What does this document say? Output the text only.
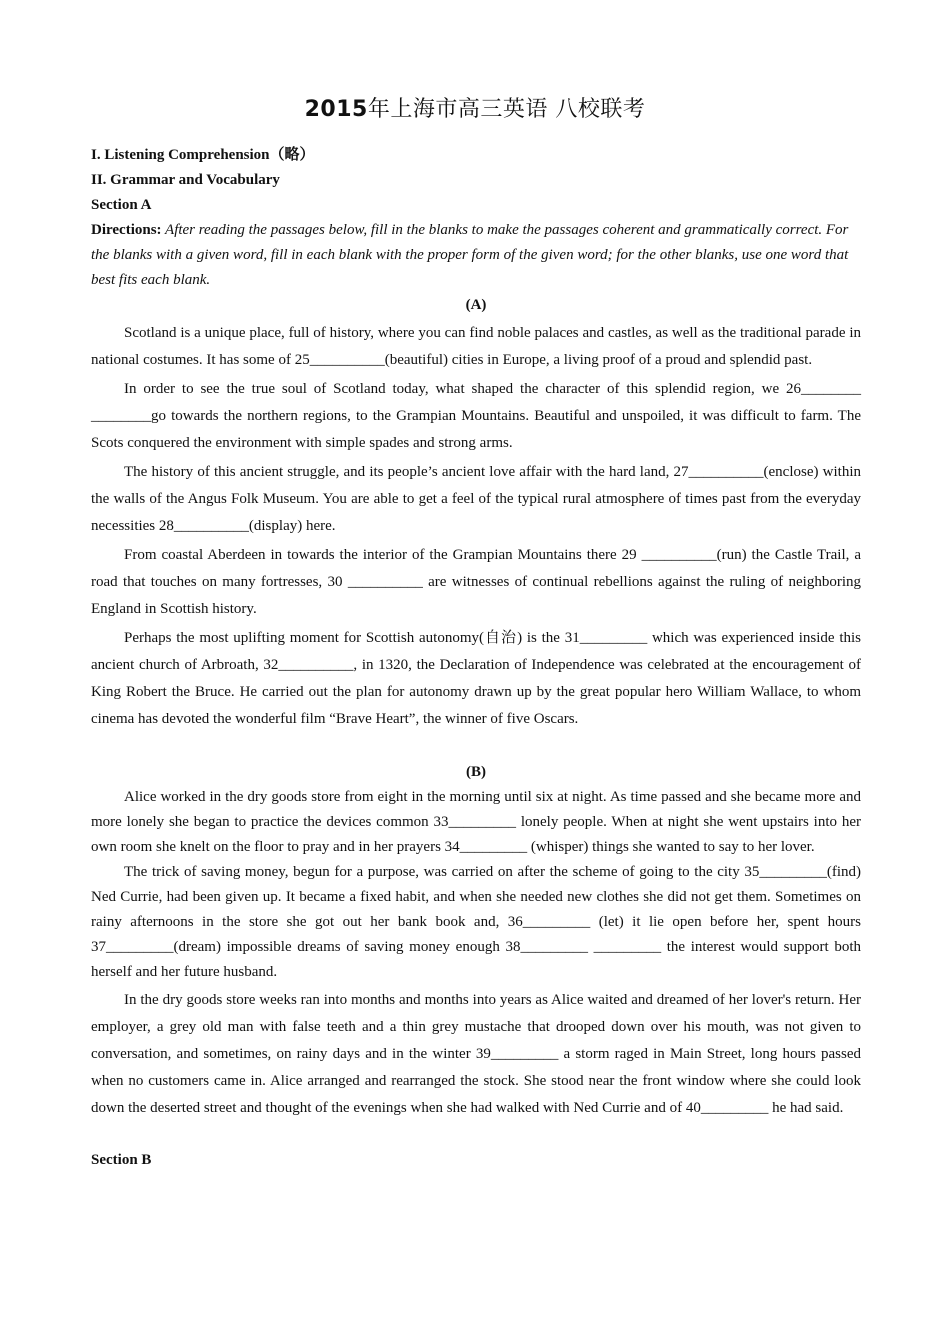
2015年上海市高三英语 八校联考
I. Listening Comprehension（略）
II. Grammar and Vocabulary
Section A
Directions: After reading the passages below, fill in the blanks to make the passages coherent and grammatically correct. For the blanks with a given word, fill in each blank with the proper form of the given word; for the other blanks, use one word that best fits each blank.
(A)

Scotland is a unique place, full of history, where you can find noble palaces and castles, as well as the traditional parade in national costumes. It has some of 25__________(beautiful) cities in Europe, a living proof of a proud and splendid past.

In order to see the true soul of Scotland today, what shaped the character of this splendid region, we 26________ ________go towards the northern regions, to the Grampian Mountains. Beautiful and unspoiled, it was difficult to farm. The Scots conquered the environment with simple spades and strong arms.

The history of this ancient struggle, and its people’s ancient love affair with the hard land, 27__________(enclose) within the walls of the Angus Folk Museum. You are able to get a feel of the typical rural atmosphere of times past from the everyday necessities 28__________(display) here.

From coastal Aberdeen in towards the interior of the Grampian Mountains there 29 __________(run) the Castle Trail, a road that touches on many fortresses, 30 __________ are witnesses of continual rebellions against the ruling of neighboring England in Scottish history.

Perhaps the most uplifting moment for Scottish autonomy(自治) is the 31_________ which was experienced inside this ancient church of Arbroath, 32__________, in 1320, the Declaration of Independence was celebrated at the encouragement of King Robert the Bruce. He carried out the plan for autonomy drawn up by the great popular hero William Wallace, to whom cinema has devoted the wonderful film “Brave Heart”, the winner of five Oscars.

(B)

Alice worked in the dry goods store from eight in the morning until six at night. As time passed and she became more and more lonely she began to practice the devices common 33_________ lonely people. When at night she went upstairs into her own room she knelt on the floor to pray and in her prayers 34_________ (whisper) things she wanted to say to her lover.

The trick of saving money, begun for a purpose, was carried on after the scheme of going to the city 35_________(find) Ned Currie, had been given up. It became a fixed habit, and when she needed new clothes she did not get them. Sometimes on rainy afternoons in the store she got out her bank book and, 36_________ (let) it lie open before her, spent hours 37_________(dream) impossible dreams of saving money enough 38_________ _________ the interest would support both herself and her future husband.

In the dry goods store weeks ran into months and months into years as Alice waited and dreamed of her lover's return. Her employer, a grey old man with false teeth and a thin grey mustache that drooped down over his mouth, was not given to conversation, and sometimes, on rainy days and in the winter 39_________ a storm raged in Main Street, long hours passed when no customers came in. Alice arranged and rearranged the stock. She stood near the front window where she could look down the deserted street and thought of the evenings when she had walked with Ned Currie and of 40_________ he had said.

Section B
